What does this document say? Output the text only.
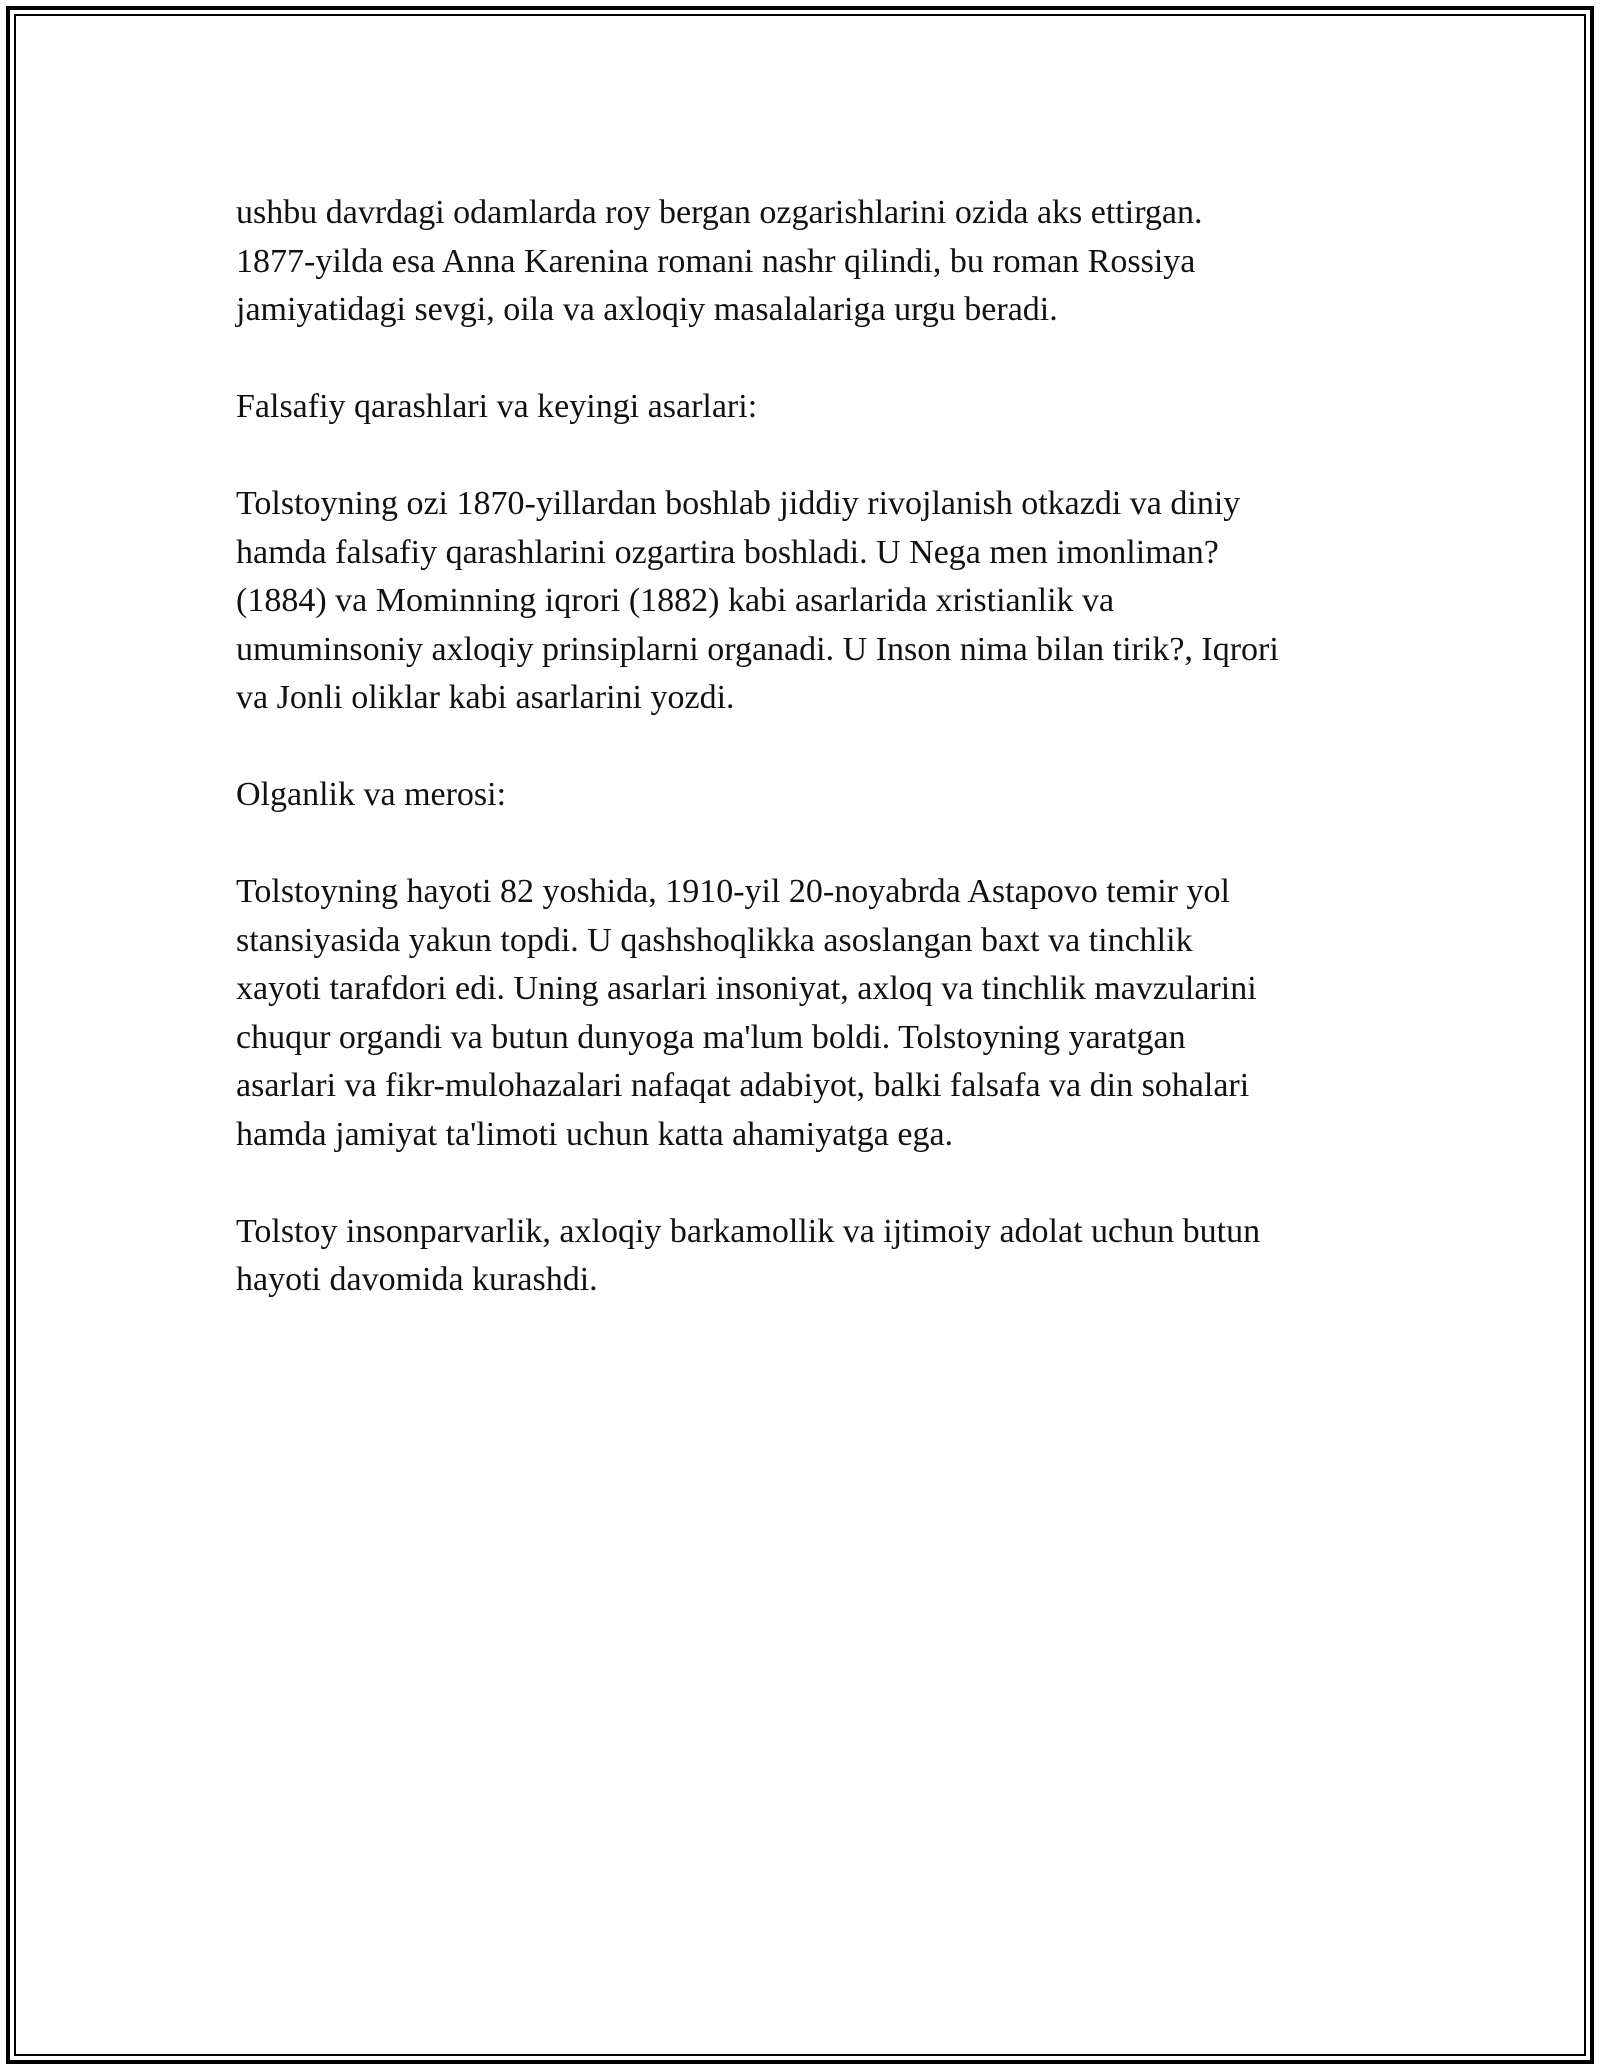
ushbu davrdagi odamlarda roy bergan ozgarishlarini ozida aks ettirgan.
1877-yilda esa Anna Karenina romani nashr qilindi, bu roman Rossiya
jamiyatidagi sevgi, oila va axloqiy masalalariga urgu beradi.

Falsafiy qarashlari va keyingi asarlari:

Tolstoyning ozi 1870-yillardan boshlab jiddiy rivojlanish otkazdi va diniy
hamda falsafiy qarashlarini ozgartira boshladi. U Nega men imonliman?
(1884) va Mominning iqrori (1882) kabi asarlarida xristianlik va
umuminsoniy axloqiy prinsiplarni organadi. U Inson nima bilan tirik?, Iqrori
va Jonli oliklar kabi asarlarini yozdi.

Olganlik va merosi:

Tolstoyning hayoti 82 yoshida, 1910-yil 20-noyabrda Astapovo temir yol
stansiyasida yakun topdi. U qashshoqlikka asoslangan baxt va tinchlik
xayoti tarafdori edi. Uning asarlari insoniyat, axloq va tinchlik mavzularini
chuqur organdi va butun dunyoga ma'lum boldi. Tolstoyning yaratgan
asarlari va fikr-mulohazalari nafaqat adabiyot, balki falsafa va din sohalari
hamda jamiyat ta'limoti uchun katta ahamiyatga ega.

Tolstoy insonparvarlik, axloqiy barkamollik va ijtimoiy adolat uchun butun
hayoti davomida kurashdi.
